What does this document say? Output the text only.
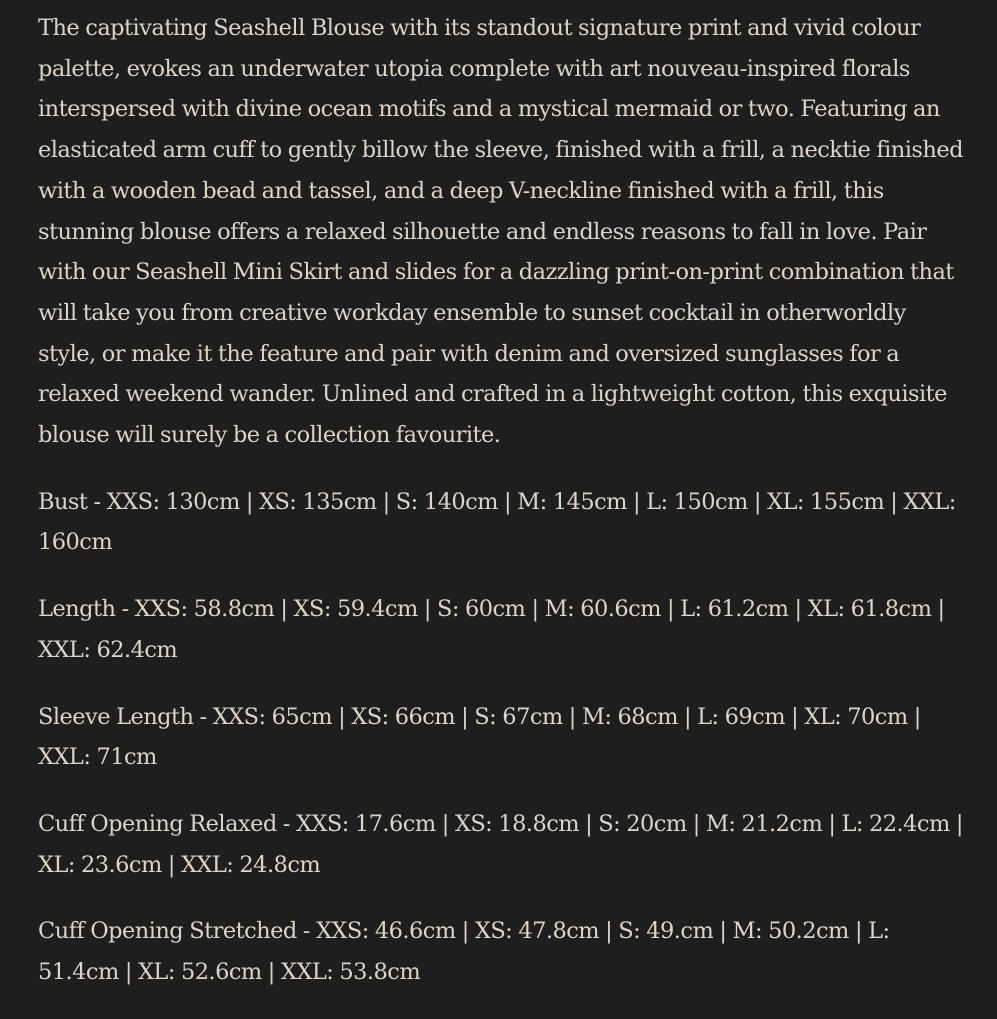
The captivating Seashell Blouse with its standout signature print and vivid colour palette, evokes an underwater utopia complete with art nouveau-inspired florals interspersed with divine ocean motifs and a mystical mermaid or two. Featuring an elasticated arm cuff to gently billow the sleeve, finished with a frill, a necktie finished with a wooden bead and tassel, and a deep V-neckline finished with a frill, this stunning blouse offers a relaxed silhouette and endless reasons to fall in love. Pair with our Seashell Mini Skirt and slides for a dazzling print-on-print combination that will take you from creative workday ensemble to sunset cocktail in otherworldly style, or make it the feature and pair with denim and oversized sunglasses for a relaxed weekend wander. Unlined and crafted in a lightweight cotton, this exquisite blouse will surely be a collection favourite.

Bust - XXS: 130cm | XS: 135cm | S: 140cm | M: 145cm | L: 150cm | XL: 155cm | XXL: 160cm

Length - XXS: 58.8cm | XS: 59.4cm | S: 60cm | M: 60.6cm | L: 61.2cm | XL: 61.8cm | XXL: 62.4cm

Sleeve Length - XXS: 65cm | XS: 66cm | S: 67cm | M: 68cm | L: 69cm | XL: 70cm | XXL: 71cm

Cuff Opening Relaxed - XXS: 17.6cm | XS: 18.8cm | S: 20cm | M: 21.2cm | L: 22.4cm | XL: 23.6cm | XXL: 24.8cm

Cuff Opening Stretched - XXS: 46.6cm | XS: 47.8cm | S: 49.cm | M: 50.2cm | L: 51.4cm | XL: 52.6cm | XXL: 53.8cm
